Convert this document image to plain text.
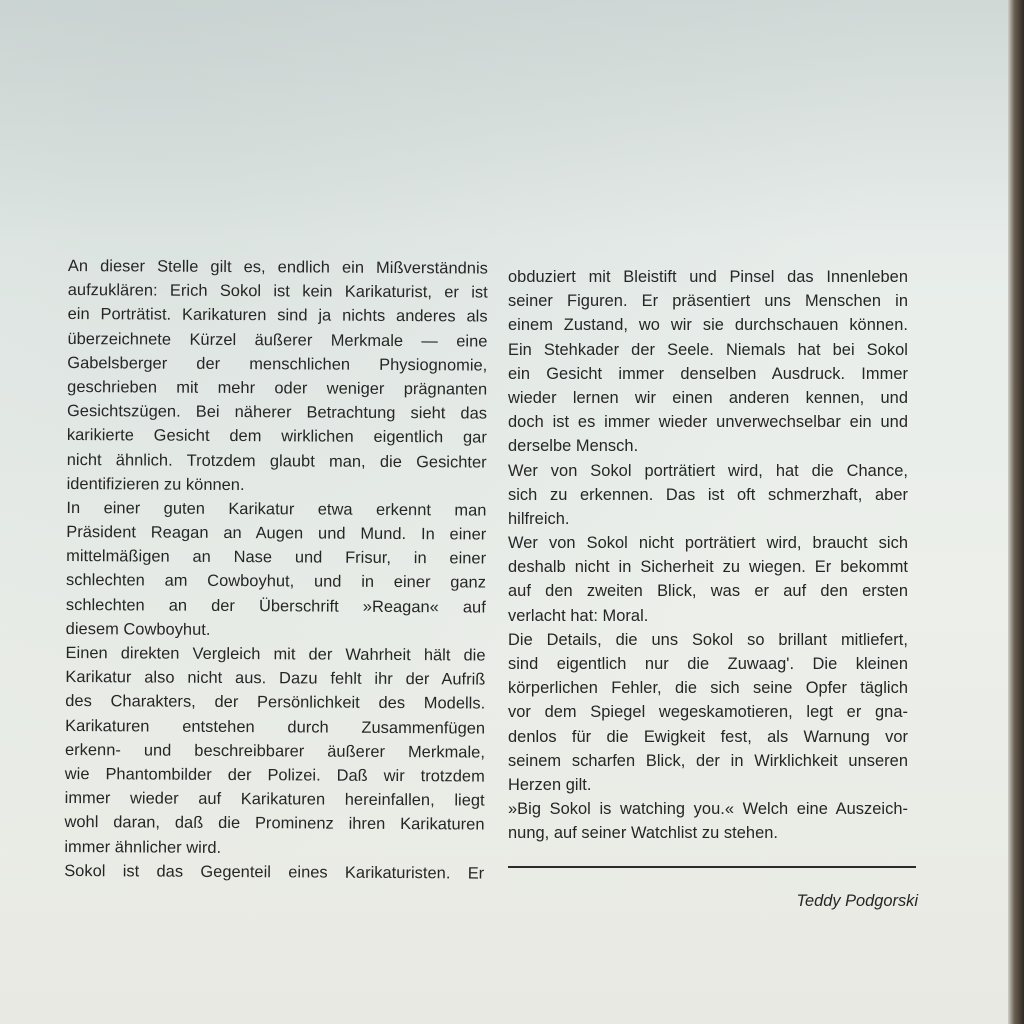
An dieser Stelle gilt es, endlich ein Mißverständnis
aufzuklären: Erich Sokol ist kein Karikaturist, er ist
ein Porträtist. Karikaturen sind ja nichts anderes als
überzeichnete Kürzel äußerer Merkmale — eine
Gabelsberger der menschlichen Physiognomie,
geschrieben mit mehr oder weniger prägnanten
Gesichtszügen. Bei näherer Betrachtung sieht das
karikierte Gesicht dem wirklichen eigentlich gar
nicht ähnlich. Trotzdem glaubt man, die Gesichter
identifizieren zu können.
In einer guten Karikatur etwa erkennt man
Präsident Reagan an Augen und Mund. In einer
mittelmäßigen an Nase und Frisur, in einer
schlechten am Cowboyhut, und in einer ganz
schlechten an der Überschrift »Reagan« auf
diesem Cowboyhut.
Einen direkten Vergleich mit der Wahrheit hält die
Karikatur also nicht aus. Dazu fehlt ihr der Aufriß
des Charakters, der Persönlichkeit des Modells.
Karikaturen entstehen durch Zusammenfügen
erkenn- und beschreibbarer äußerer Merkmale,
wie Phantombilder der Polizei. Daß wir trotzdem
immer wieder auf Karikaturen hereinfallen, liegt
wohl daran, daß die Prominenz ihren Karikaturen
immer ähnlicher wird.
Sokol ist das Gegenteil eines Karikaturisten. Er
obduziert mit Bleistift und Pinsel das Innenleben
seiner Figuren. Er präsentiert uns Menschen in
einem Zustand, wo wir sie durchschauen können.
Ein Stehkader der Seele. Niemals hat bei Sokol
ein Gesicht immer denselben Ausdruck. Immer
wieder lernen wir einen anderen kennen, und
doch ist es immer wieder unverwechselbar ein und
derselbe Mensch.
Wer von Sokol porträtiert wird, hat die Chance,
sich zu erkennen. Das ist oft schmerzhaft, aber
hilfreich.
Wer von Sokol nicht porträtiert wird, braucht sich
deshalb nicht in Sicherheit zu wiegen. Er bekommt
auf den zweiten Blick, was er auf den ersten
verlacht hat: Moral.
Die Details, die uns Sokol so brillant mitliefert,
sind eigentlich nur die Zuwaag'. Die kleinen
körperlichen Fehler, die sich seine Opfer täglich
vor dem Spiegel wegeskamotieren, legt er gna-
denlos für die Ewigkeit fest, als Warnung vor
seinem scharfen Blick, der in Wirklichkeit unseren
Herzen gilt.
»Big Sokol is watching you.« Welch eine Auszeich-
nung, auf seiner Watchlist zu stehen.
Teddy Podgorski
